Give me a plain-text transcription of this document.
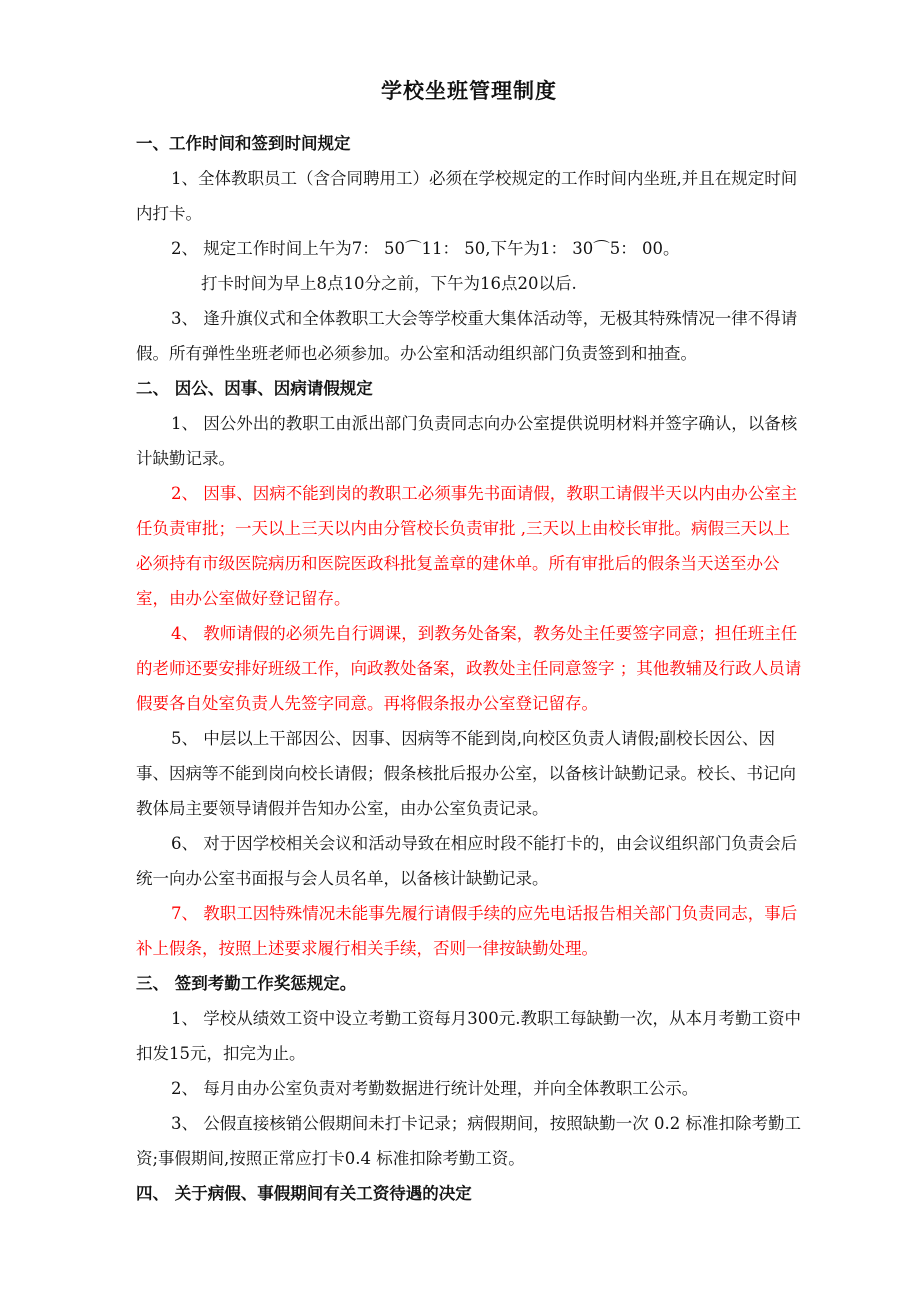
学校坐班管理制度

一、工作时间和签到时间规定

1、全体教职员工（含合同聘用工）必须在学校规定的工作时间内坐班,并且在规定时间内打卡。

2、 规定工作时间上午为7： 50⌒11： 50,下午为1： 30⌒5： 00。

打卡时间为早上8点10分之前，下午为16点20以后.

3、 逢升旗仪式和全体教职工大会等学校重大集体活动等，无极其特殊情况一律不得请假。所有弹性坐班老师也必须参加。办公室和活动组织部门负责签到和抽查。

二、 因公、因事、因病请假规定

1、 因公外出的教职工由派出部门负责同志向办公室提供说明材料并签字确认，以备核计缺勤记录。

2、 因事、因病不能到岗的教职工必须事先书面请假，教职工请假半天以内由办公室主任负责审批；一天以上三天以内由分管校长负责审批 ,三天以上由校长审批。病假三天以上必须持有市级医院病历和医院医政科批复盖章的建休单。所有审批后的假条当天送至办公室，由办公室做好登记留存。

4、 教师请假的必须先自行调课，到教务处备案，教务处主任要签字同意；担任班主任的老师还要安排好班级工作，向政教处备案，政教处主任同意签字 ；其他教辅及行政人员请假要各自处室负责人先签字同意。再将假条报办公室登记留存。

5、 中层以上干部因公、因事、因病等不能到岗,向校区负责人请假;副校长因公、因事、因病等不能到岗向校长请假；假条核批后报办公室，以备核计缺勤记录。校长、书记向教体局主要领导请假并告知办公室，由办公室负责记录。

6、 对于因学校相关会议和活动导致在相应时段不能打卡的，由会议组织部门负责会后统一向办公室书面报与会人员名单，以备核计缺勤记录。

7、 教职工因特殊情况未能事先履行请假手续的应先电话报告相关部门负责同志，事后补上假条，按照上述要求履行相关手续，否则一律按缺勤处理。

三、 签到考勤工作奖惩规定。

1、 学校从绩效工资中设立考勤工资每月300元.教职工每缺勤一次，从本月考勤工资中扣发15元，扣完为止。

2、 每月由办公室负责对考勤数据进行统计处理，并向全体教职工公示。

3、 公假直接核销公假期间未打卡记录；病假期间，按照缺勤一次 0.2 标准扣除考勤工资;事假期间,按照正常应打卡0.4 标准扣除考勤工资。

四、 关于病假、事假期间有关工资待遇的决定
